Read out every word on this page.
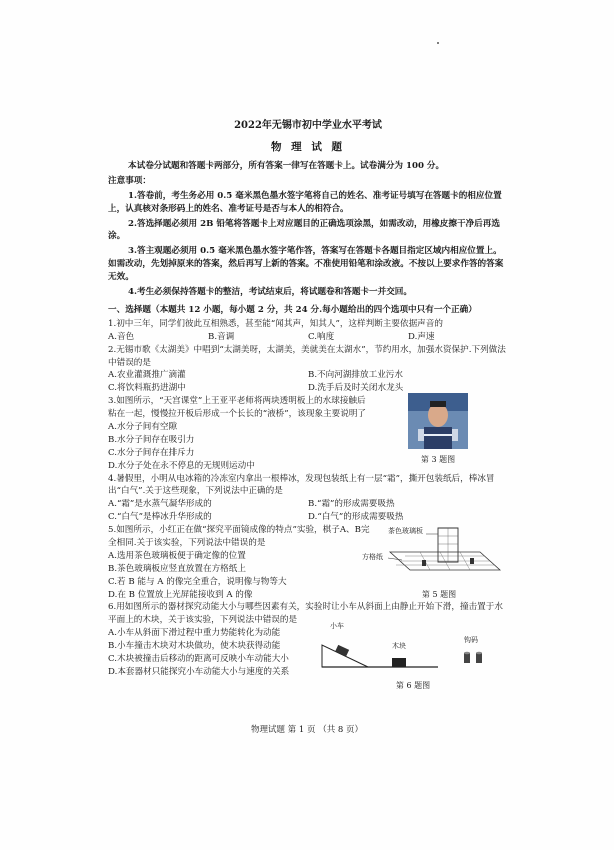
2022年无锡市初中学业水平考试
物 理 试 题

本试卷分试题和答题卡两部分，所有答案一律写在答题卡上。试卷满分为 100 分。

注意事项：

1.答卷前，考生务必用 0.5 毫米黑色墨水签字笔将自己的姓名、准考证号填写在答题卡的相应位置上，认真核对条形码上的姓名、准考证号是否与本人的相符合。

2.答选择题必须用 2B 铅笔将答题卡上对应题目的正确选项涂黑，如需改动，用橡皮擦干净后再选涂。

3.答主观题必须用 0.5 毫米黑色墨水签字笔作答，答案写在答题卡各题目指定区域内相应位置上。如需改动，先划掉原来的答案，然后再写上新的答案。不准使用铅笔和涂改液。不按以上要求作答的答案无效。

4.考生必须保持答题卡的整洁，考试结束后，将试题卷和答题卡一并交回。

一、选择题（本题共 12 小题，每小题 2 分，共 24 分.每小题给出的四个选项中只有一个正确）
1.初中三年，同学们彼此互相熟悉，甚至能“闻其声，知其人”，这样判断主要依据声音的
A.音色	B.音调	C.响度	D.声速
2.无锡市歌《太湖美》中唱到“太湖美呀，太湖美，美就美在太湖水”，节约用水，加强水资保护.下列做法中错误的是
A.农业灌溉推广滴灌	B.不向河湖排放工业污水
C.将饮料瓶扔进湖中	D.洗手后及时关闭水龙头
3.如图所示，“天宫课堂”上王亚平老师将两块透明板上的水球接触后粘在一起，慢慢拉开板后形成一个长长的“液桥”，该现象主要说明了
A.水分子间有空隙
B.水分子间存在吸引力
C.水分子间存在排斥力
D.水分子处在永不停息的无规则运动中
第 3 题图
4.暑假里，小明从电冰箱的冷冻室内拿出一根棒冰，发现包装纸上有一层“霜”，撕开包装纸后，棒冰冒出“白气”.关于这些现象，下列说法中正确的是
A.“霜”是水蒸气凝华形成的	B.“霜”的形成需要吸热
C.“白气”是棒冰升华形成的	D.“白气”的形成需要吸热
5.如图所示，小红正在做“探究平面镜成像的特点”实验，棋子A、B完全相同.关于该实验，下列说法中错误的是
A.选用茶色玻璃板便于确定像的位置
B.茶色玻璃板应竖直放置在方格纸上
C.若 B 能与 A 的像完全重合，说明像与物等大
D.在 B 位置放上光屏能接收到 A 的像
茶色玻璃板
方格纸
第 5 题图
6.用如图所示的器材探究动能大小与哪些因素有关，实验时让小车从斜面上由静止开始下滑，撞击置于水平面上的木块，关于该实验，下列说法中错误的是
A.小车从斜面下滑过程中重力势能转化为动能
B.小车撞击木块对木块做功，使木块获得动能
C.木块被撞击后移动的距离可反映小车动能大小
D.本套器材只能探究小车动能大小与速度的关系
小车
木块
钩码
第 6 题图
物理试题 第 1 页 （共 8 页）
